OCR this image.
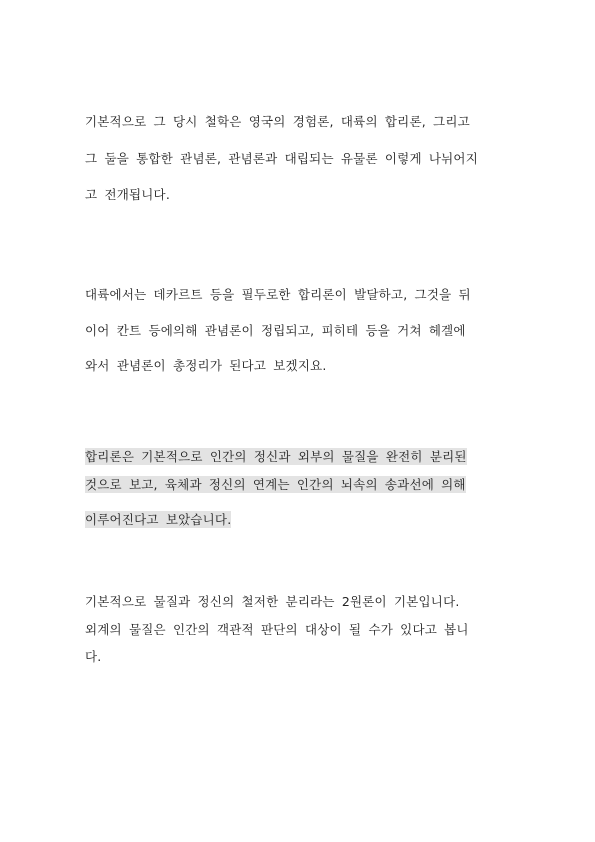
기본적으로 그 당시 철학은 영국의 경험론, 대륙의 합리론, 그리고
그 둘을 통합한 관념론, 관념론과 대립되는 유물론 이렇게 나뉘어지
고 전개됩니다.
대륙에서는 데카르트 등을 필두로한 합리론이 발달하고, 그것을 뒤
이어 칸트 등에의해 관념론이 정립되고, 피히테 등을 거쳐 헤겔에
와서 관념론이 총정리가 된다고 보겠지요.
합리론은 기본적으로 인간의 정신과 외부의 물질을 완전히 분리된
것으로 보고, 육체과 정신의 연계는 인간의 뇌속의 송과선에 의해
이루어진다고 보았습니다.
기본적으로 물질과 정신의 철저한 분리라는 2원론이 기본입니다.
외계의 물질은 인간의 객관적 판단의 대상이 될 수가 있다고 봅니
다.
